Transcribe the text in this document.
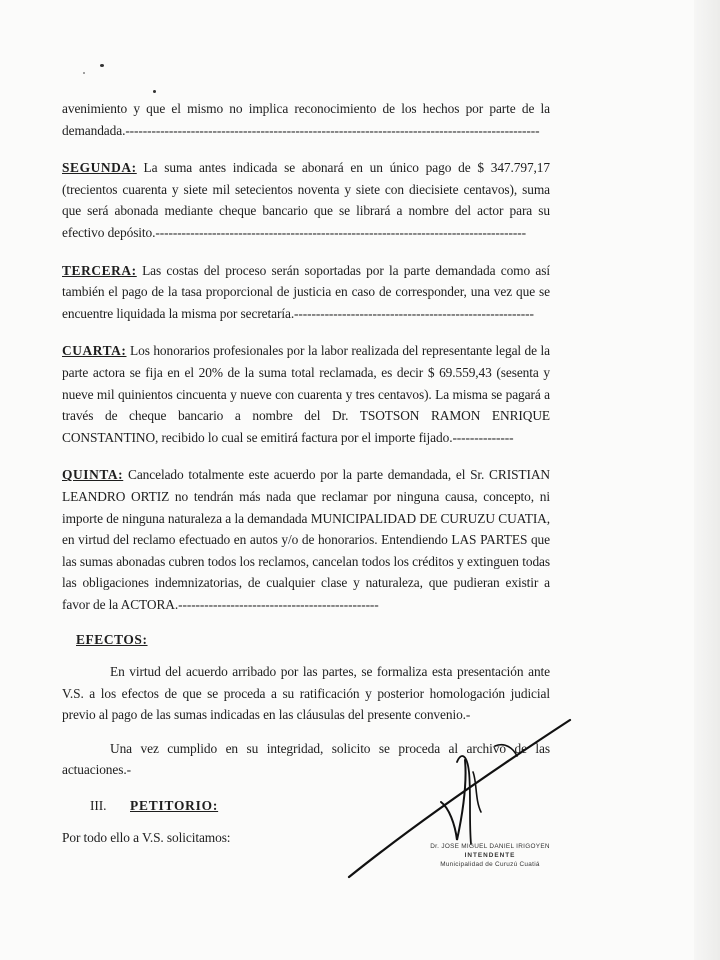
avenimiento y que el mismo no implica reconocimiento de los hechos por parte de la demandada.-----------------------------------------------------------------------------------------------

SEGUNDA: La suma antes indicada se abonará en un único pago de $ 347.797,17 (trecientos cuarenta y siete mil setecientos noventa y siete con diecisiete centavos), suma que será abonada mediante cheque bancario que se librará a nombre del actor para su efectivo depósito.-------------------------------------------------------------------------------------

TERCERA: Las costas del proceso serán soportadas por la parte demandada como así también el pago de la tasa proporcional de justicia en caso de corresponder, una vez que se encuentre liquidada la misma por secretaría.-------------------------------------------------------

CUARTA: Los honorarios profesionales por la labor realizada del representante legal de la parte actora se fija en el 20% de la suma total reclamada, es decir $ 69.559,43 (sesenta y nueve mil quinientos cincuenta y nueve con cuarenta y tres centavos). La misma se pagará a través de cheque bancario a nombre del Dr. TSOTSON RAMON ENRIQUE CONSTANTINO, recibido lo cual se emitirá factura por el importe fijado.--------------

QUINTA: Cancelado totalmente este acuerdo por la parte demandada, el Sr. CRISTIAN LEANDRO ORTIZ no tendrán más nada que reclamar por ninguna causa, concepto, ni importe de ninguna naturaleza a la demandada MUNICIPALIDAD DE CURUZU CUATIA, en virtud del reclamo efectuado en autos y/o de honorarios. Entendiendo LAS PARTES que las sumas abonadas cubren todos los reclamos, cancelan todos los créditos y extinguen todas las obligaciones indemnizatorias, de cualquier clase y naturaleza, que pudieran existir a favor de la ACTORA.----------------------------------------------

EFECTOS:

En virtud del acuerdo arribado por las partes, se formaliza esta presentación ante V.S. a los efectos de que se proceda a su ratificación y posterior homologación judicial previo al pago de las sumas indicadas en las cláusulas del presente convenio.-

Una vez cumplido en su integridad, solicito se proceda al archivo de las actuaciones.-

III. PETITORIO:

Por todo ello a V.S. solicitamos:

Dr. JOSE MIGUEL DANIEL IRIGOYEN
INTENDENTE
Municipalidad de Curuzú Cuatiá
